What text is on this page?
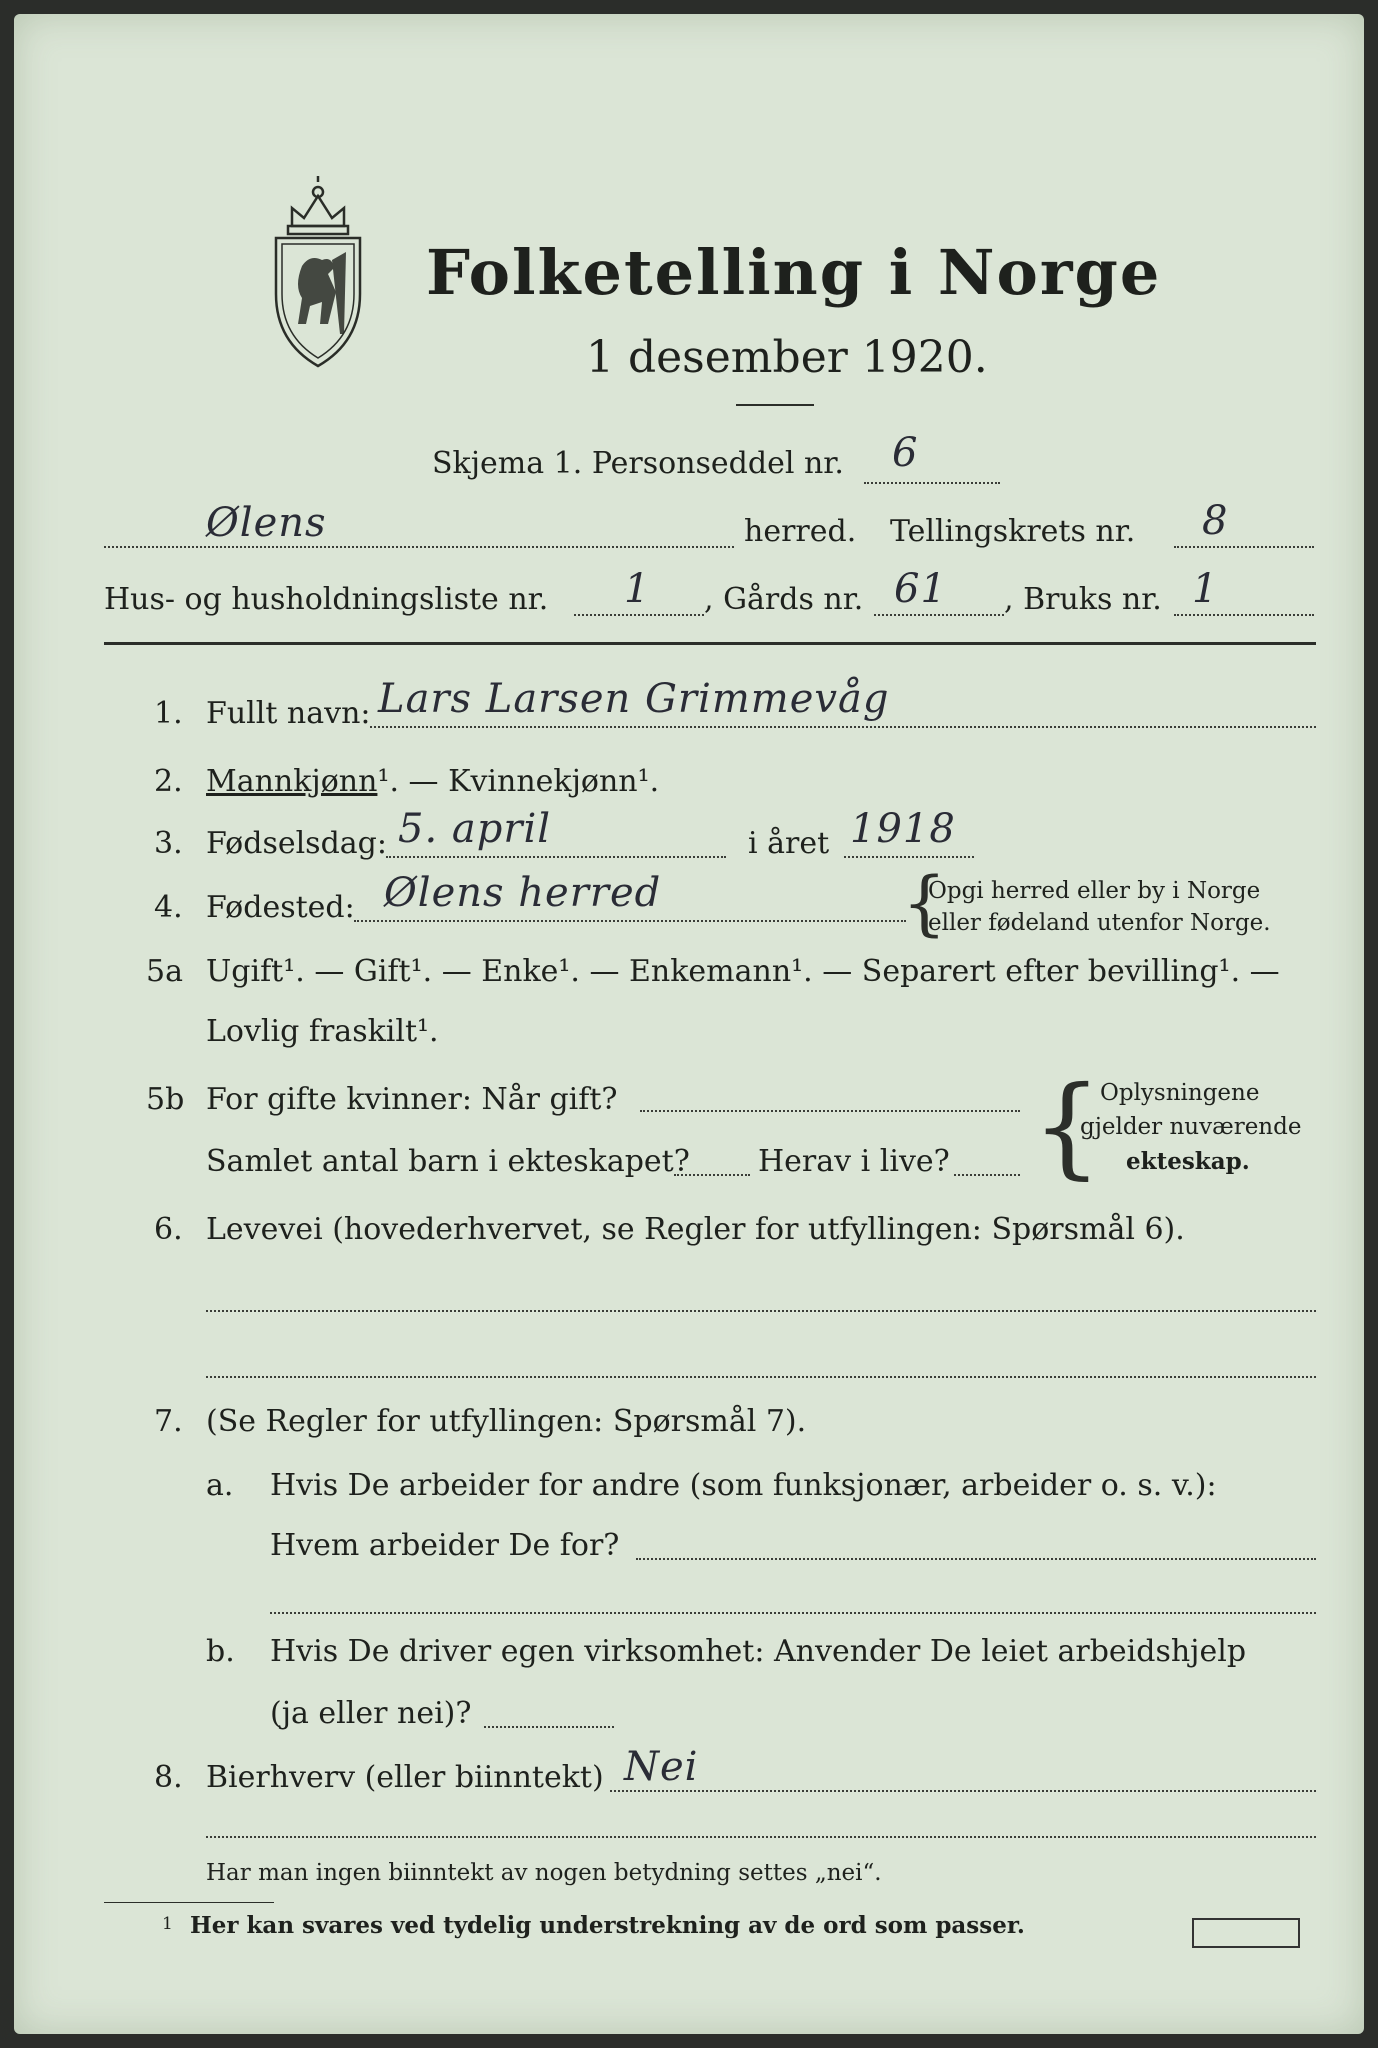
Folketelling i Norge
1 desember 1920.
Skjema 1. Personseddel nr. 6
Ølens	herred. Tellingskrets nr. 8
Hus- og husholdningsliste nr. 1 , Gårds nr. 61 , Bruks nr. 1
1. Fullt navn: Lars Larsen Grimmevåg
2. Mannkjønn¹. — Kvinnekjønn¹.
3. Fødselsdag: 5. april	i året 1918
4. Fødested: Ølens herred	{
Opgi herred eller by i Norge
eller fødeland utenfor Norge.
5a Ugift¹. — Gift¹. — Enke¹. — Enkemann¹. — Separert efter bevilling¹. —
Lovlig fraskilt¹.
5b For gifte kvinner: Når gift?
Samlet antal barn i ekteskapet? Herav i live? {
Oplysningene
gjelder nuværende
ekteskap.
6. Levevei (hovederhvervet, se Regler for utfyllingen: Spørsmål 6).
7. (Se Regler for utfyllingen: Spørsmål 7).
a. Hvis De arbeider for andre (som funksjonær, arbeider o. s. v.):
Hvem arbeider De for?
b. Hvis De driver egen virksomhet: Anvender De leiet arbeidshjelp
(ja eller nei)?
8. Bierhverv (eller biinntekt) Nei
Har man ingen biinntekt av nogen betydning settes „nei“.
1 Her kan svares ved tydelig understrekning av de ord som passer.
